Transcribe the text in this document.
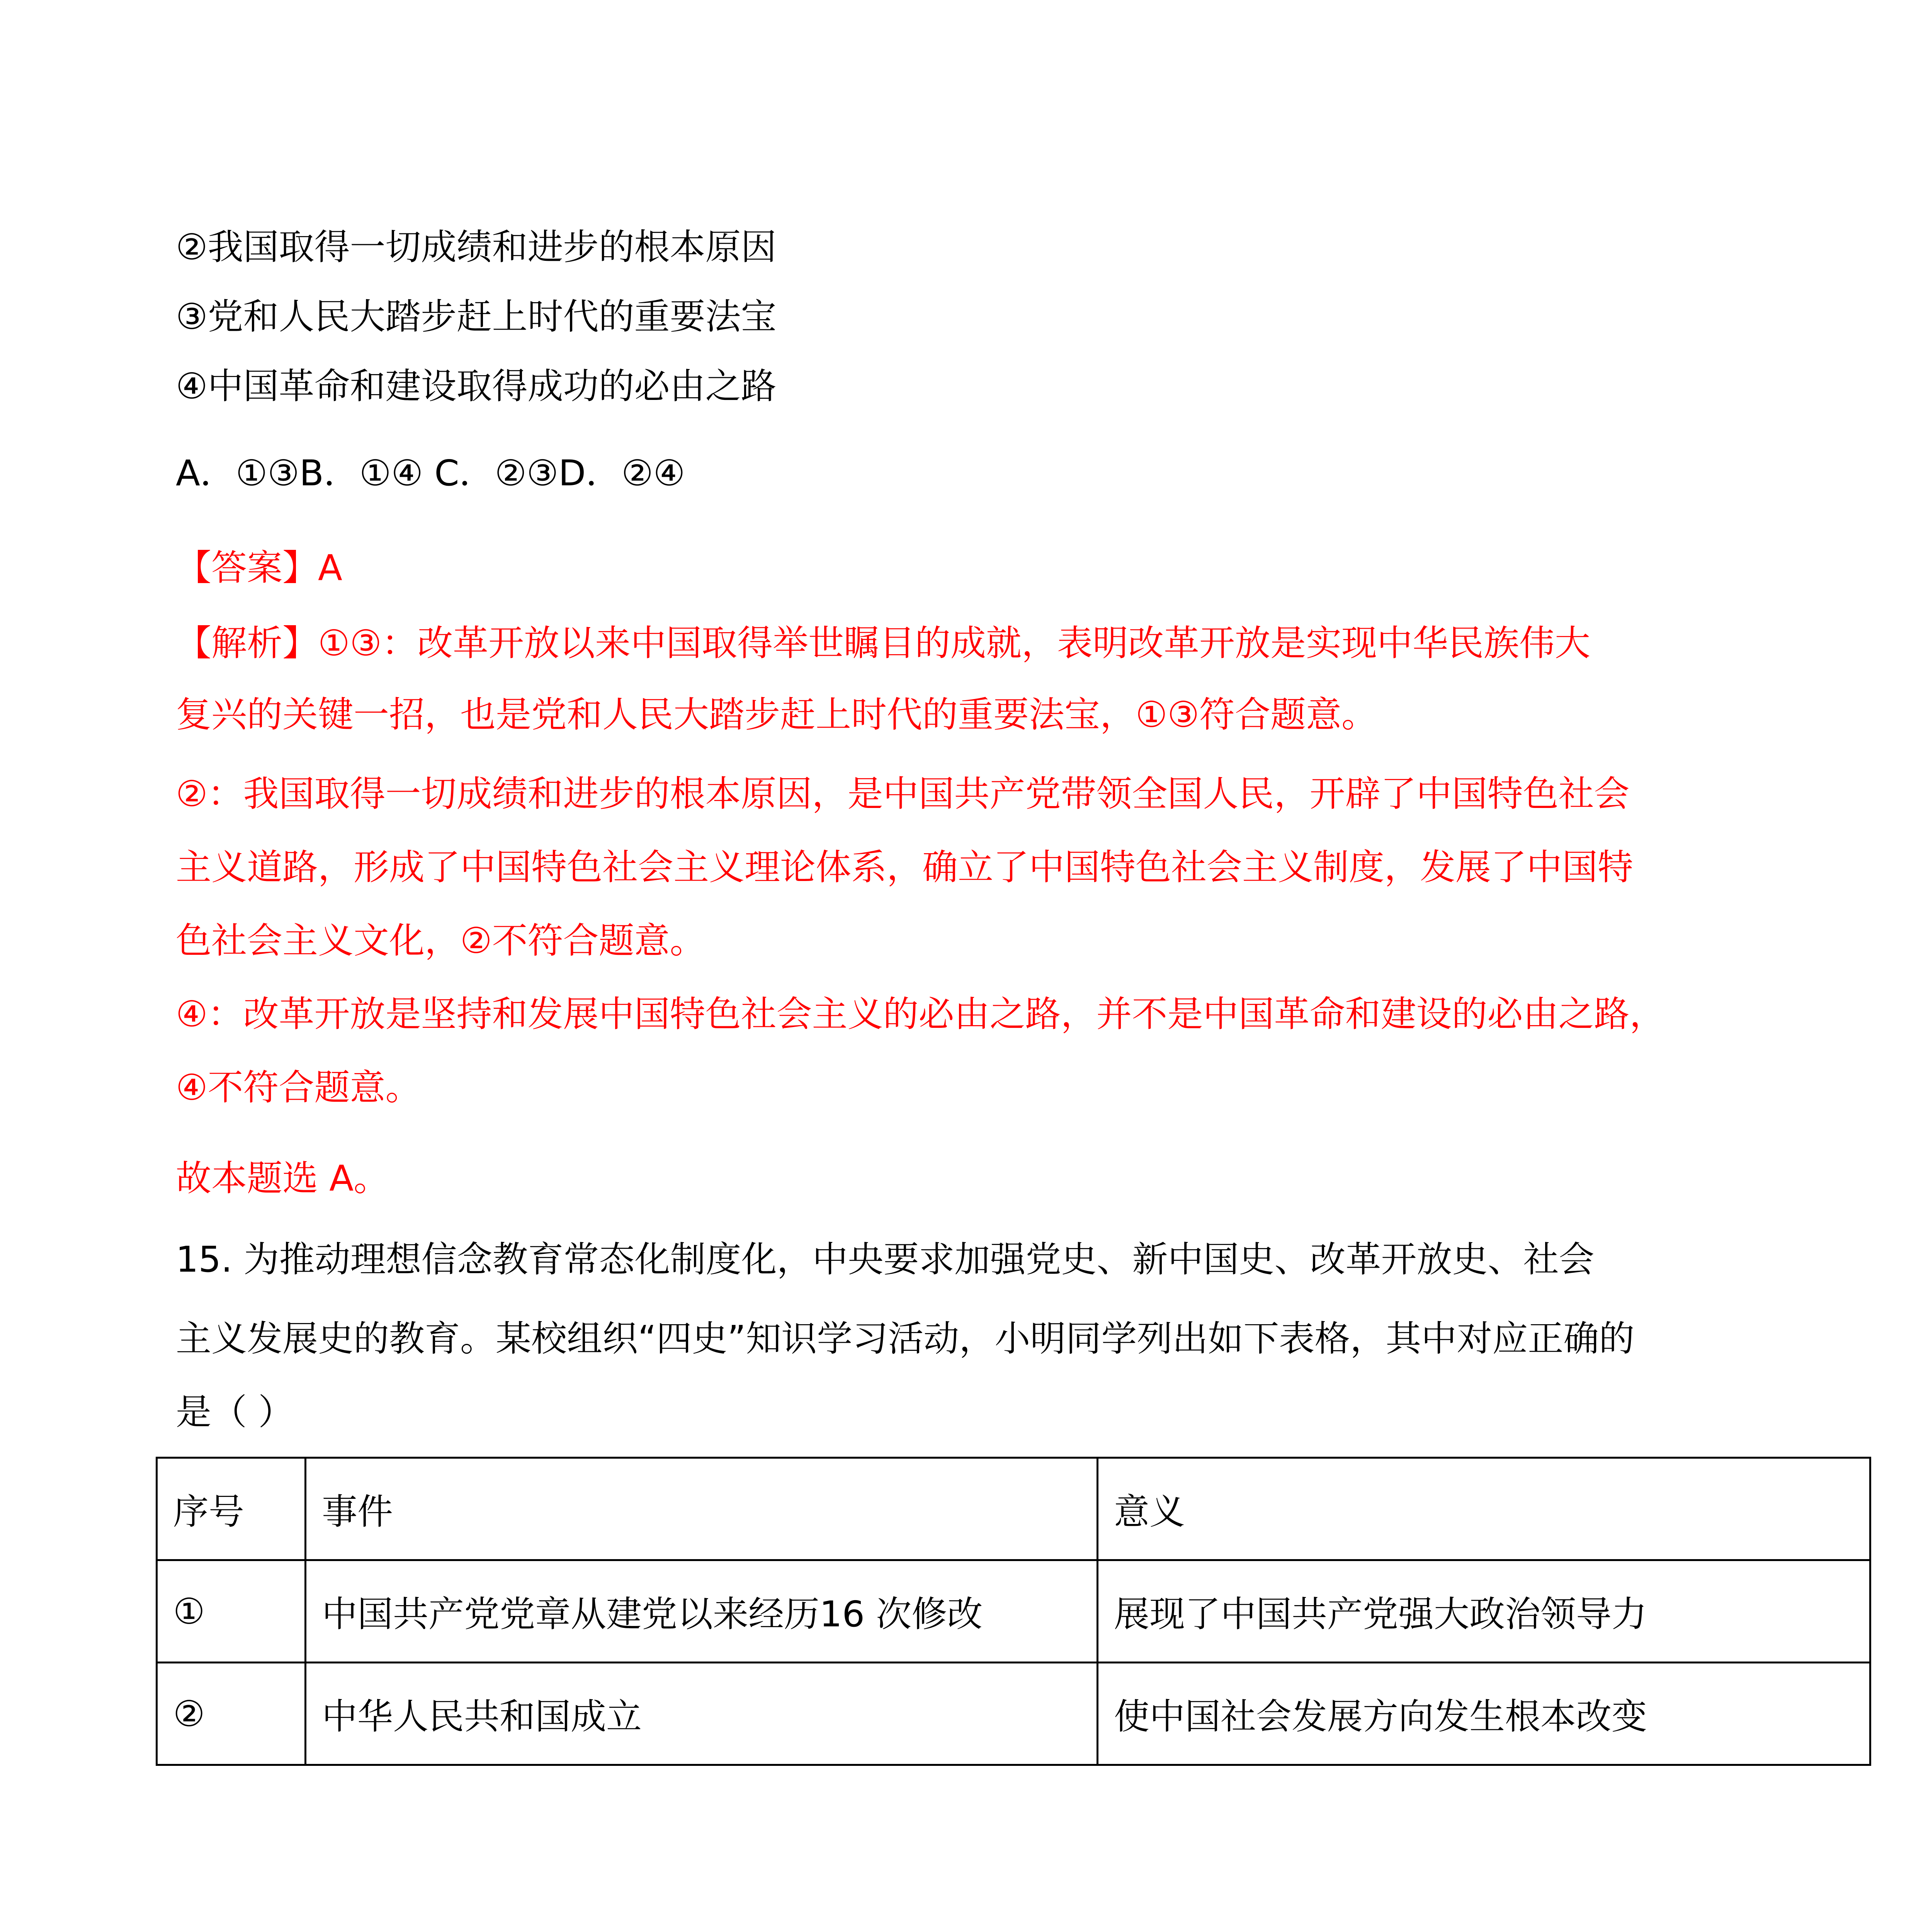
②我国取得一切成绩和进步的根本原因
③党和人民大踏步赶上时代的重要法宝
④中国革命和建设取得成功的必由之路
A．①③B．①④ C．②③D．②④
【答案】A
【解析】①③：改革开放以来中国取得举世瞩目的成就，表明改革开放是实现中华民族伟大
复兴的关键一招，也是党和人民大踏步赶上时代的重要法宝，①③符合题意。
②：我国取得一切成绩和进步的根本原因，是中国共产党带领全国人民，开辟了中国特色社会
主义道路，形成了中国特色社会主义理论体系，确立了中国特色社会主义制度，发展了中国特
色社会主义文化，②不符合题意。
④：改革开放是坚持和发展中国特色社会主义的必由之路，并不是中国革命和建设的必由之路，
④不符合题意。
故本题选 A。
15. 为推动理想信念教育常态化制度化，中央要求加强党史、新中国史、改革开放史、社会
主义发展史的教育。某校组织“四史”知识学习活动，小明同学列出如下表格，其中对应正确的
是（ ）
序号	事件	意义
①	中国共产党党章从建党以来经历16 次修改	展现了中国共产党强大政治领导力
②	中华人民共和国成立	使中国社会发展方向发生根本改变
